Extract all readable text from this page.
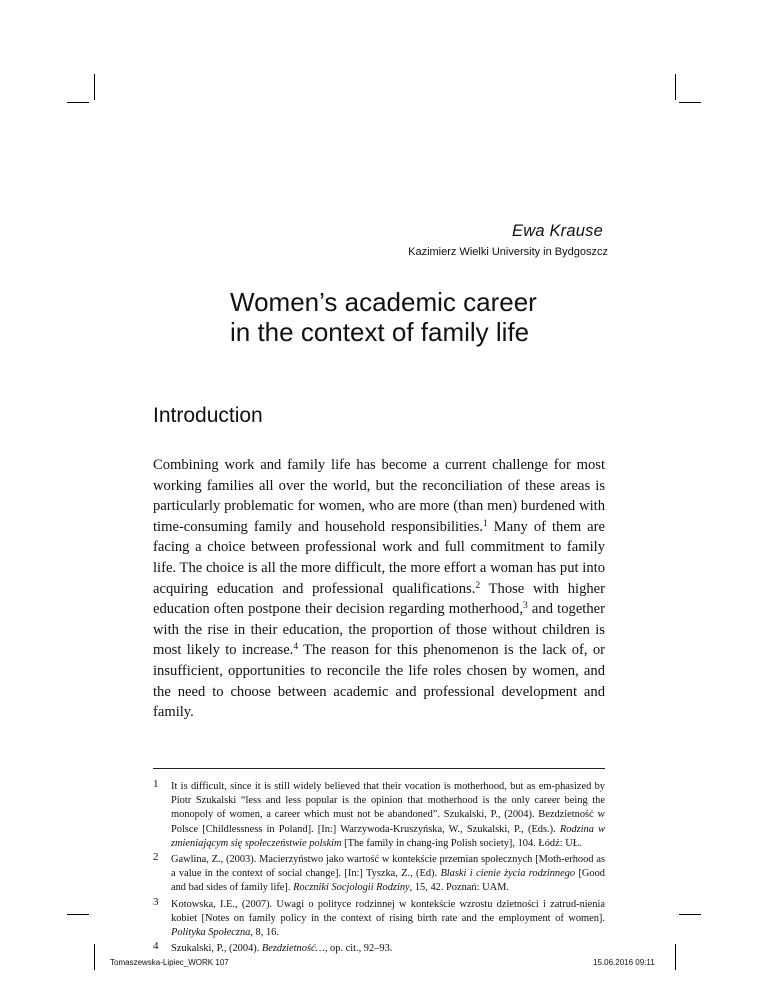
Ewa Krause
Kazimierz Wielki University in Bydgoszcz
Women’s academic career
in the context of family life
Introduction

Combining work and family life has become a current challenge for most working families all over the world, but the reconciliation of these areas is particularly problematic for women, who are more (than men) burdened with time-consuming family and household responsibilities.$^1$ Many of them are facing a choice between professional work and full commitment to family life. The choice is all the more difficult, the more effort a woman has put into acquiring education and professional qualifications.$^2$ Those with higher education often postpone their decision regarding motherhood,$^3$ and together with the rise in their education, the proportion of those without children is most likely to increase.$^4$ The reason for this phenomenon is the lack of, or insufficient, opportunities to reconcile the life roles chosen by women, and the need to choose between academic and professional development and family.

1 It is difficult, since it is still widely believed that their vocation is motherhood, but as em-phasized by Piotr Szukalski “less and less popular is the opinion that motherhood is the only career being the monopoly of women, a career which must not be abandoned”. Szukalski, P., (2004). Bezdzietność w Polsce [Childlessness in Poland]. [In:] Warzywoda-Kruszyńska, W., Szukalski, P., (Eds.). Rodzina w zmieniającym się społeczeństwie polskim [The family in chang-ing Polish society], 104. Łódź: UŁ.
2 Gawlina, Z., (2003). Macierzyństwo jako wartość w kontekście przemian społecznych [Moth-erhood as a value in the context of social change]. [In:] Tyszka, Z., (Ed). Blaski i cienie życia rodzinnego [Good and bad sides of family life]. Roczniki Socjologii Rodziny, 15, 42. Poznań: UAM.
3 Kotowska, I.E., (2007). Uwagi o polityce rodzinnej w kontekście wzrostu dzietności i zatrud-nienia kobiet [Notes on family policy in the context of rising birth rate and the employment of women]. Polityka Społeczna, 8, 16.
4 Szukalski, P., (2004). Bezdzietność…, op. cit., 92–93.
Tomaszewska-Lipiec_WORK 107	15.06.2016 09:11
